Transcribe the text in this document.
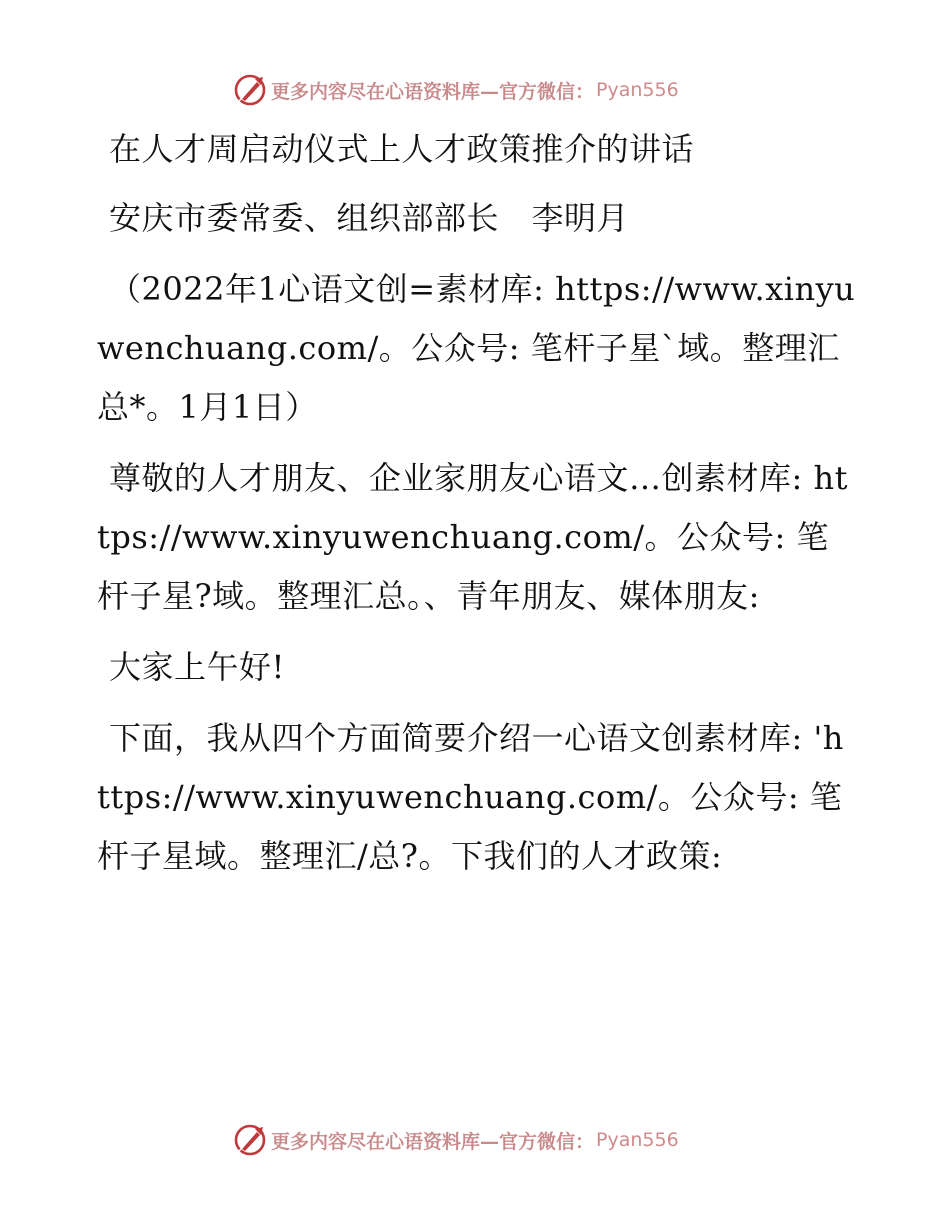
更多内容尽在心语资料库—官方微信： Pyan556

在人才周启动仪式上人才政策推介的讲话

安庆市委常委、组织部部长　李明月

（2022年1心语文创=素材库: https://www.xinyuwenchuang.com/。公众号: 笔杆子星`域。整理汇总*。1月1日）

尊敬的人才朋友、企业家朋友心语文…创素材库: https://www.xinyuwenchuang.com/。公众号: 笔杆子星?域。整理汇总。、青年朋友、媒体朋友:

大家上午好!

下面，我从四个方面简要介绍一心语文创素材库: 'https://www.xinyuwenchuang.com/。公众号: 笔杆子星域。整理汇/总?。下我们的人才政策:

更多内容尽在心语资料库—官方微信： Pyan556
